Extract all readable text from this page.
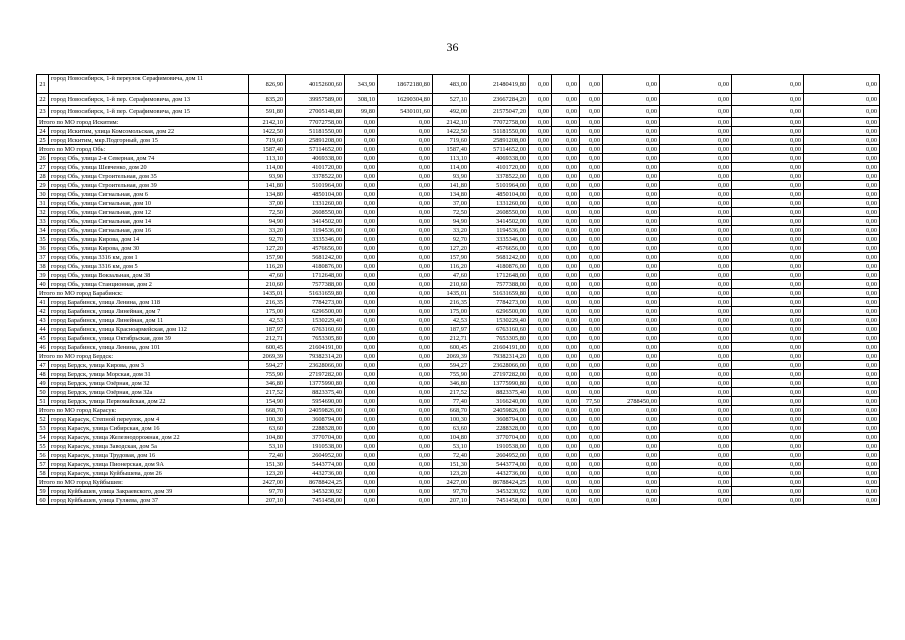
36
21	город Новосибирск, 1-й переулок Серафимовича, дом 11	826,90	40152600,60	343,90	18672180,80	483,00	21480419,80	0,00	0,00	0,00	0,00	0,00	0,00	0,00
22	город Новосибирск, 1-й пер. Серафимовича, дом 13	835,20	39957589,00	308,10	16290304,80	527,10	23667284,20	0,00	0,00	0,00	0,00	0,00	0,00	0,00
23	город Новосибирск, 1-й пер. Серафимовича, дом 15	591,80	27005148,80	99,80	5430101,60	492,00	21575047,20	0,00	0,00	0,00	0,00	0,00	0,00	0,00
Итого по МО город Искитим:		2142,10	77072758,00	0,00	0,00	2142,10	77072758,00	0,00	0,00	0,00	0,00	0,00	0,00	0,00
24	город Искитим, улица Комсомольская, дом 22	1422,50	51181550,00	0,00	0,00	1422,50	51181550,00	0,00	0,00	0,00	0,00	0,00	0,00	0,00
25	город Искитим, мкр.Подгорный, дом 15	719,60	25891208,00	0,00	0,00	719,60	25891208,00	0,00	0,00	0,00	0,00	0,00	0,00	0,00
Итого по МО город Обь:		1587,40	57114652,00	0,00	0,00	1587,40	57114652,00	0,00	0,00	0,00	0,00	0,00	0,00	0,00
26	город Обь, улица 2-я Северная, дом 74	113,10	4069338,00	0,00	0,00	113,10	4069338,00	0,00	0,00	0,00	0,00	0,00	0,00	0,00
27	город Обь, улица Шевченко, дом 20	114,00	4101720,00	0,00	0,00	114,00	4101720,00	0,00	0,00	0,00	0,00	0,00	0,00	0,00
28	город Обь, улица Строительная, дом 35	93,90	3378522,00	0,00	0,00	93,90	3378522,00	0,00	0,00	0,00	0,00	0,00	0,00	0,00
29	город Обь, улица Строительная, дом 39	141,80	5101964,00	0,00	0,00	141,80	5101964,00	0,00	0,00	0,00	0,00	0,00	0,00	0,00
30	город Обь, улица Сигнальная, дом 6	134,80	4850104,00	0,00	0,00	134,80	4850104,00	0,00	0,00	0,00	0,00	0,00	0,00	0,00
31	город Обь, улица Сигнальная, дом 10	37,00	1331260,00	0,00	0,00	37,00	1331260,00	0,00	0,00	0,00	0,00	0,00	0,00	0,00
32	город Обь, улица Сигнальная, дом 12	72,50	2608550,00	0,00	0,00	72,50	2608550,00	0,00	0,00	0,00	0,00	0,00	0,00	0,00
33	город Обь, улица Сигнальная, дом 14	94,90	3414502,00	0,00	0,00	94,90	3414502,00	0,00	0,00	0,00	0,00	0,00	0,00	0,00
34	город Обь, улица Сигнальная, дом 16	33,20	1194536,00	0,00	0,00	33,20	1194536,00	0,00	0,00	0,00	0,00	0,00	0,00	0,00
35	город Обь, улица Кирова, дом 14	92,70	3335346,00	0,00	0,00	92,70	3335346,00	0,00	0,00	0,00	0,00	0,00	0,00	0,00
36	город Обь, улица Кирова, дом 30	127,20	4576656,00	0,00	0,00	127,20	4576656,00	0,00	0,00	0,00	0,00	0,00	0,00	0,00
37	город Обь, улица 3316 км, дом 1	157,90	5681242,00	0,00	0,00	157,90	5681242,00	0,00	0,00	0,00	0,00	0,00	0,00	0,00
38	город Обь, улица 3316 км, дом 5	116,20	4180876,00	0,00	0,00	116,20	4180876,00	0,00	0,00	0,00	0,00	0,00	0,00	0,00
39	город Обь, улица Вокзальная, дом 38	47,60	1712648,00	0,00	0,00	47,60	1712648,00	0,00	0,00	0,00	0,00	0,00	0,00	0,00
40	город Обь, улица Станционная, дом 2	210,60	7577388,00	0,00	0,00	210,60	7577388,00	0,00	0,00	0,00	0,00	0,00	0,00	0,00
Итого по МО город Барабинск:		1435,01	51631659,80	0,00	0,00	1435,01	51631659,80	0,00	0,00	0,00	0,00	0,00	0,00	0,00
41	город Барабинск, улица Ленина, дом 118	216,35	7784273,00	0,00	0,00	216,35	7784273,00	0,00	0,00	0,00	0,00	0,00	0,00	0,00
42	город Барабинск, улица Линейная, дом 7	175,00	6296500,00	0,00	0,00	175,00	6296500,00	0,00	0,00	0,00	0,00	0,00	0,00	0,00
43	город Барабинск, улица Линейная, дом 11	42,53	1530229,40	0,00	0,00	42,53	1530229,40	0,00	0,00	0,00	0,00	0,00	0,00	0,00
44	город Барабинск, улица Красноармейская, дом 112	187,97	6763160,60	0,00	0,00	187,97	6763160,60	0,00	0,00	0,00	0,00	0,00	0,00	0,00
45	город Барабинск, улица Октябрьская, дом 39	212,71	7653305,80	0,00	0,00	212,71	7653305,80	0,00	0,00	0,00	0,00	0,00	0,00	0,00
46	город Барабинск, улица Ленина, дом 101	600,45	21604191,00	0,00	0,00	600,45	21604191,00	0,00	0,00	0,00	0,00	0,00	0,00	0,00
Итого по МО город Бердск:		2069,39	79382314,20	0,00	0,00	2069,39	79382314,20	0,00	0,00	0,00	0,00	0,00	0,00	0,00
47	город Бердск, улица Кирова, дом 3	594,27	23628066,00	0,00	0,00	594,27	23628066,00	0,00	0,00	0,00	0,00	0,00	0,00	0,00
48	город Бердск, улица Морская, дом 31	755,90	27197282,00	0,00	0,00	755,90	27197282,00	0,00	0,00	0,00	0,00	0,00	0,00	0,00
49	город Бердск, улица Озёрная, дом 32	346,80	13775990,80	0,00	0,00	346,80	13775990,80	0,00	0,00	0,00	0,00	0,00	0,00	0,00
50	город Бердск, улица Озёрная, дом 32а	217,52	8823375,40	0,00	0,00	217,52	8823375,40	0,00	0,00	0,00	0,00	0,00	0,00	0,00
51	город Бердск, улица Первомайская, дом 22	154,90	5954690,00	0,00	0,00	77,40	3166240,00	0,00	0,00	77,50	2788450,00	0,00	0,00	0,00
Итого по МО город Карасук:		668,70	24059826,00	0,00	0,00	668,70	24059826,00	0,00	0,00	0,00	0,00	0,00	0,00	0,00
52	город Карасук, Степной переулок, дом 4	100,30	3608794,00	0,00	0,00	100,30	3608794,00	0,00	0,00	0,00	0,00	0,00	0,00	0,00
53	город Карасук, улица Сибирская, дом 16	63,60	2288328,00	0,00	0,00	63,60	2288328,00	0,00	0,00	0,00	0,00	0,00	0,00	0,00
54	город Карасук, улица Железнодорожная, дом 22	104,80	3770704,00	0,00	0,00	104,80	3770704,00	0,00	0,00	0,00	0,00	0,00	0,00	0,00
55	город Карасук, улица Заводская, дом 5а	53,10	1910538,00	0,00	0,00	53,10	1910538,00	0,00	0,00	0,00	0,00	0,00	0,00	0,00
56	город Карасук, улица Трудовая, дом 16	72,40	2604952,00	0,00	0,00	72,40	2604952,00	0,00	0,00	0,00	0,00	0,00	0,00	0,00
57	город Карасук, улица Пионерская, дом 9А	151,30	5443774,00	0,00	0,00	151,30	5443774,00	0,00	0,00	0,00	0,00	0,00	0,00	0,00
58	город Карасук, улица Куйбышева, дом 26	123,20	4432736,00	0,00	0,00	123,20	4432736,00	0,00	0,00	0,00	0,00	0,00	0,00	0,00
Итого по МО город Куйбышев:		2427,00	86788424,25	0,00	0,00	2427,00	86788424,25	0,00	0,00	0,00	0,00	0,00	0,00	0,00
59	город Куйбышев, улица Закраевского, дом 39	97,70	3453230,92	0,00	0,00	97,70	3453230,92	0,00	0,00	0,00	0,00	0,00	0,00	0,00
60	город Куйбышев, улица Гуляева, дом 37	207,10	7451458,00	0,00	0,00	207,10	7451458,00	0,00	0,00	0,00	0,00	0,00	0,00	0,00
